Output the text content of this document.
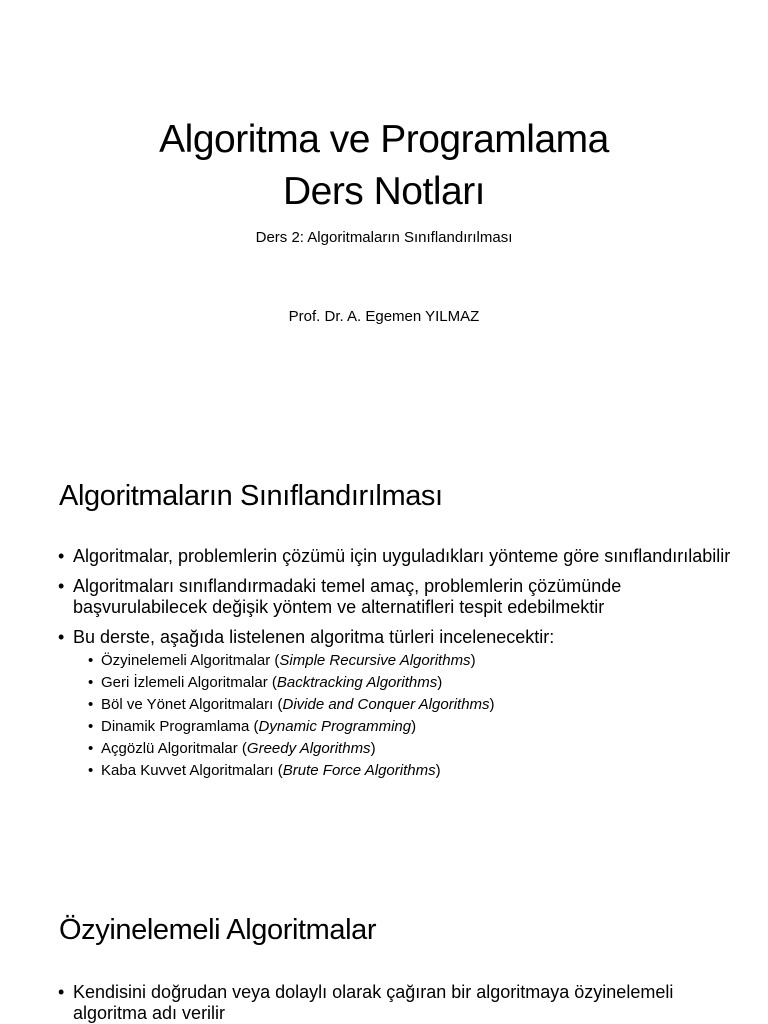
Algoritma ve Programlama
Ders Notları

Ders 2: Algoritmaların Sınıflandırılması

Prof. Dr. A. Egemen YILMAZ

Algoritmaların Sınıflandırılması
• Algoritmalar, problemlerin çözümü için uyguladıkları yönteme göre sınıflandırılabilir
• Algoritmaları sınıflandırmadaki temel amaç, problemlerin çözümünde başvurulabilecek değişik yöntem ve alternatifleri tespit edebilmektir
• Bu derste, aşağıda listelenen algoritma türleri incelenecektir:
• Özyinelemeli Algoritmalar (Simple Recursive Algorithms)
• Geri İzlemeli Algoritmalar (Backtracking Algorithms)
• Böl ve Yönet Algoritmaları (Divide and Conquer Algorithms)
• Dinamik Programlama (Dynamic Programming)
• Açgözlü Algoritmalar (Greedy Algorithms)
• Kaba Kuvvet Algoritmaları (Brute Force Algorithms)
Özyinelemeli Algoritmalar
• Kendisini doğrudan veya dolaylı olarak çağıran bir algoritmaya özyinelemeli algoritma adı verilir
